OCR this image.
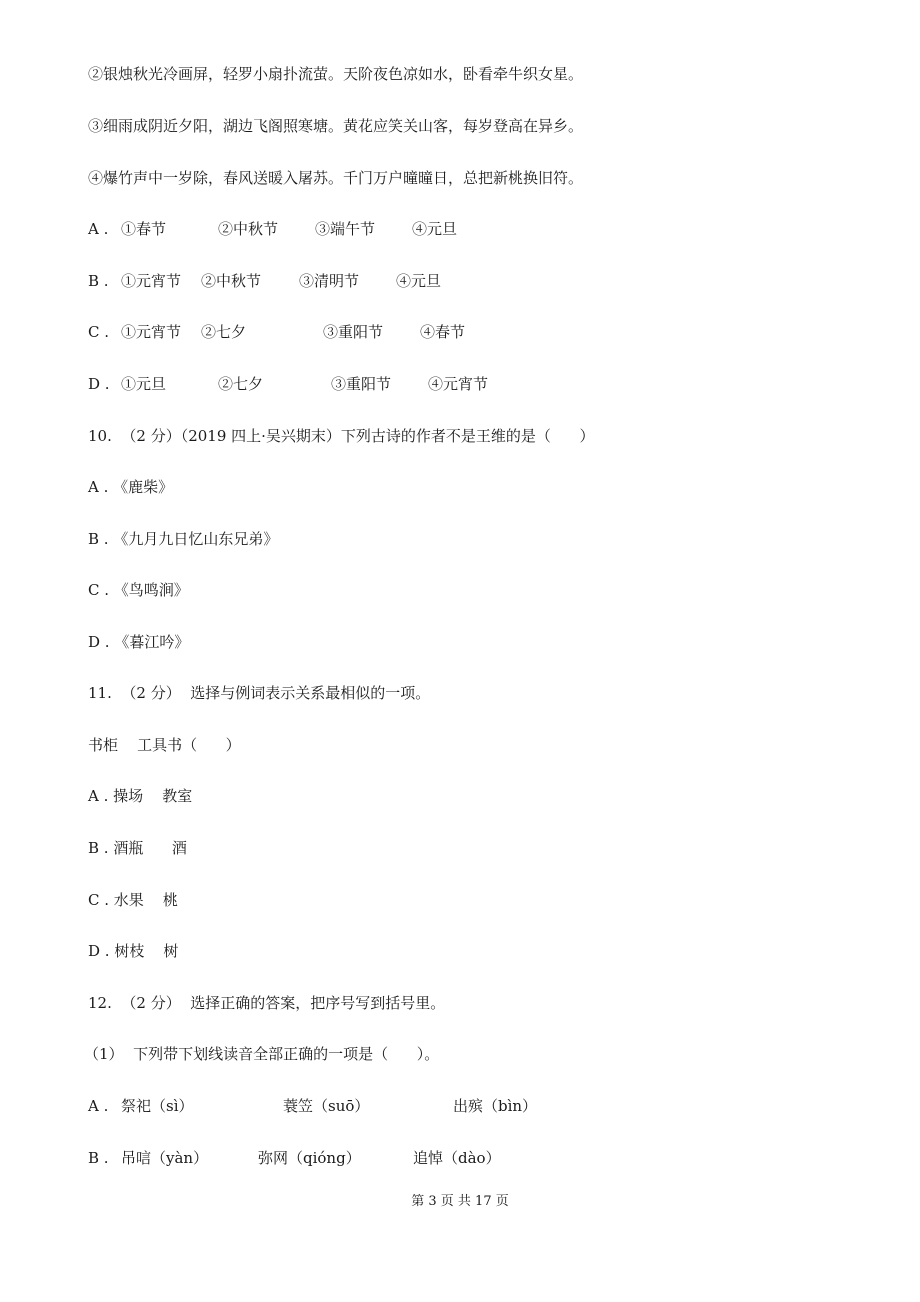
②银烛秋光冷画屏，轻罗小扇扑流萤。天阶夜色凉如水，卧看牵牛织女星。
③细雨成阴近夕阳，湖边飞阁照寒塘。黄花应笑关山客，每岁登高在异乡。
④爆竹声中一岁除，春风送暖入屠苏。千门万户曈曈日，总把新桃换旧符。

A .

①春节

	②中秋节

③端午节

④元旦

B .

①元宵节

②中秋节

	③清明节

④元旦

C .

①元宵节

②七夕

	③重阳节

④春节

D .

①元旦

	②七夕

	③重阳节

④元宵节

10.  （2 分）（2019 四上·吴兴期末）下列古诗的作者不是王维的是（      ）
A . 《鹿柴》
B . 《九月九日忆山东兄弟》
C . 《鸟鸣涧》
D . 《暮江吟》
11.  （2 分）  选择与例词表示关系最相似的一项。
书柜    工具书（      ）
A . 操场    教室
B . 酒瓶      酒
C . 水果    桃
D . 树枝    树
12.  （2 分）  选择正确的答案，把序号写到括号里。
（1）  下列带下划线读音全部正确的一项是（      ）。

A .

祭祀（sì）

	蓑笠（suō）

	出殡（bìn）

B .

吊唁（yàn）

	弥网（qióng）

	追悼（dào）

第 3 页 共 17 页
